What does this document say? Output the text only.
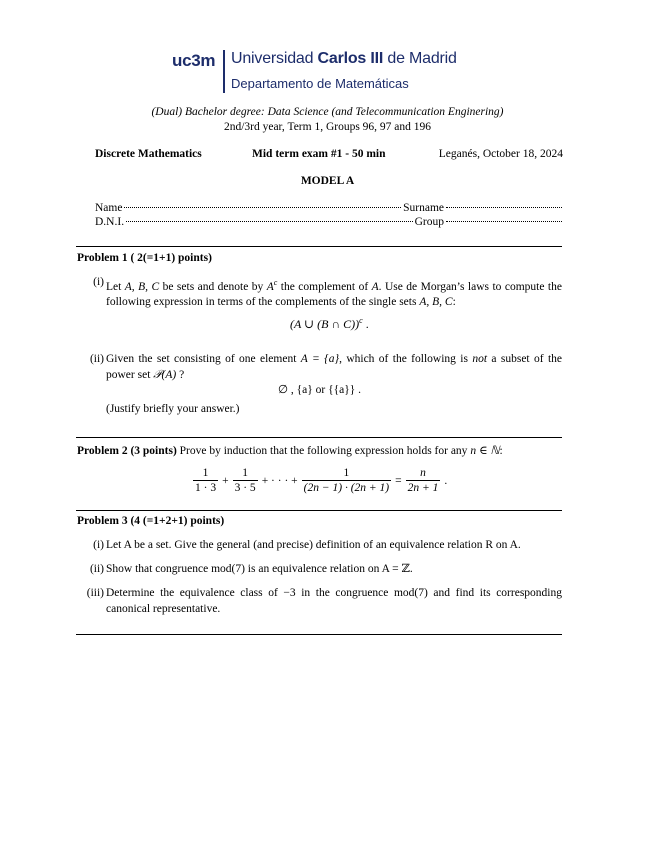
uc3m Universidad Carlos III de Madrid
Departamento de Matemáticas
(Dual) Bachelor degree: Data Science (and Telecommunication Enginering)
2nd/3rd year, Term 1, Groups 96, 97 and 196
Discrete Mathematics	Mid term exam #1 - 50 min	Leganés, October 18, 2024
MODEL A
Name	Surname
D.N.I.	Group
Problem 1 ( 2(=1+1) points)
(i) Let A, B, C be sets and denote by $A^c$ the complement of A. Use de Morgan’s laws to compute the following expression in terms of the complements of the single sets A, B, C:
(A ∪ (B ∩ C))$^c$ .
(ii) Given the set consisting of one element A = {a}, which of the following is not a subset of the power set 𝒫(A) ?
∅ , {a} or {{a}} .
(Justify briefly your answer.)
Problem 2 (3 points) Prove by induction that the following expression holds for any n ∈ ℕ:
$\frac{1}{1 \cdot 3} + \frac{1}{3 \cdot 5}$ + · · · + $\frac{1}{(2n - 1) \cdot (2n + 1)} = \frac{n}{2n + 1}$ .
Problem 3 (4 (=1+2+1) points)
(i) Let A be a set. Give the general (and precise) definition of an equivalence relation R on A.
(ii) Show that congruence mod(7) is an equivalence relation on A = ℤ.
(iii) Determine the equivalence class of −3 in the congruence mod(7) and find its corresponding canonical representative.
